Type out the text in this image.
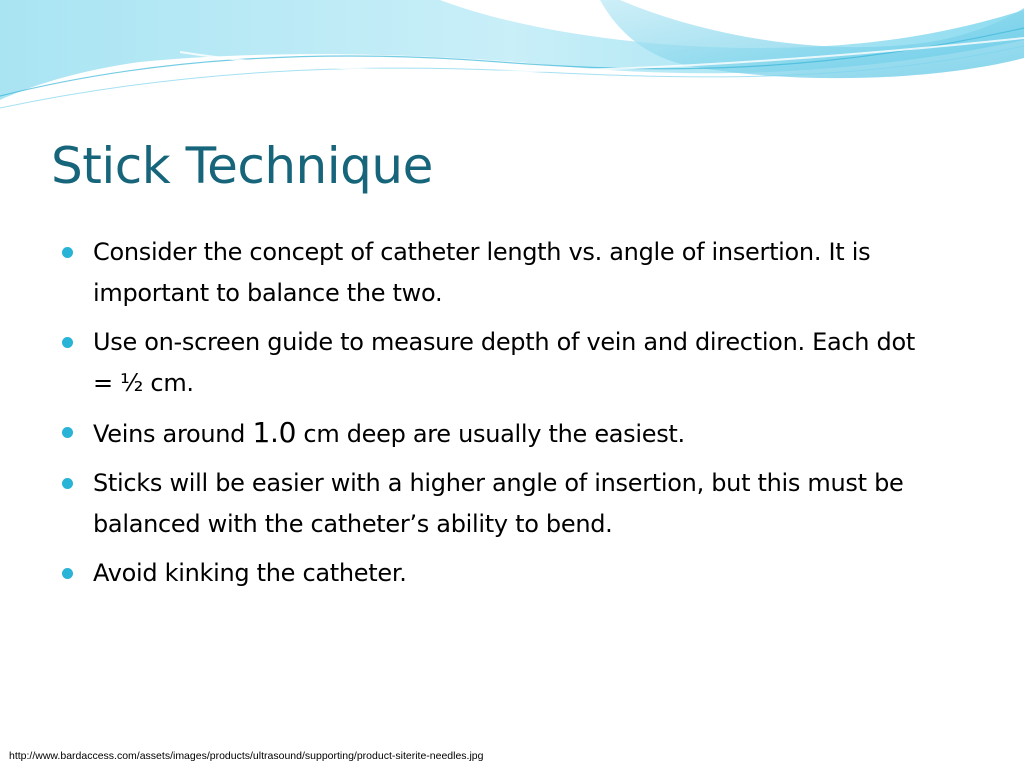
Stick Technique
Consider the concept of catheter length vs. angle of insertion. It is important to balance the two.
Use on-screen guide to measure depth of vein and direction. Each dot = ½ cm.
Veins around 1.0 cm deep are usually the easiest.
Sticks will be easier with a higher angle of insertion, but this must be balanced with the catheter’s ability to bend.
Avoid kinking the catheter.
http://www.bardaccess.com/assets/images/products/ultrasound/supporting/product-siterite-needles.jpg
